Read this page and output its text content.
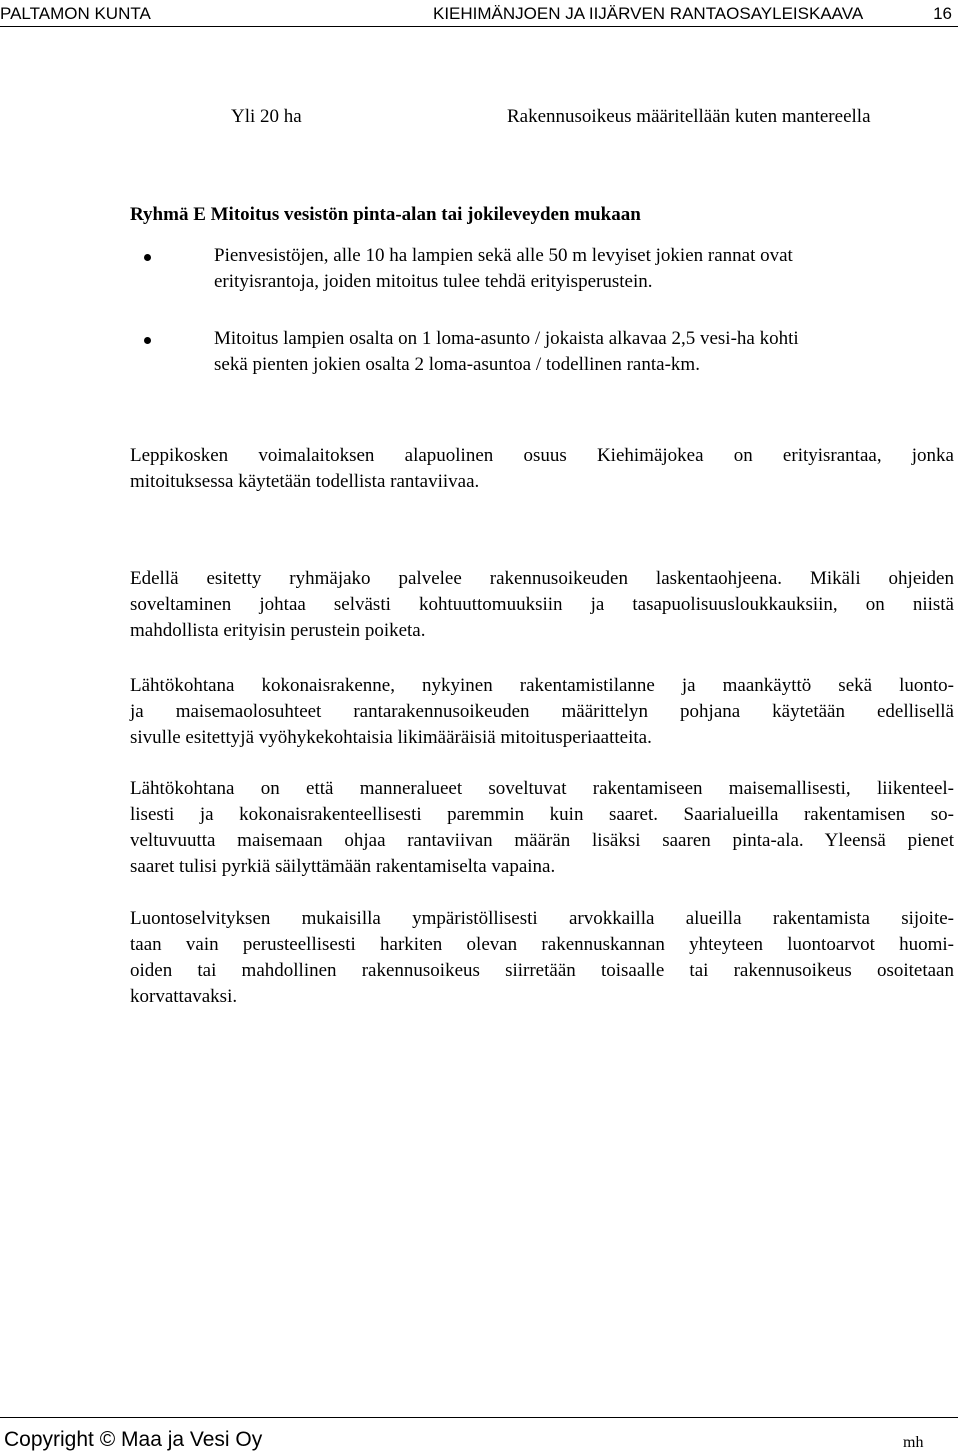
PALTAMON KUNTA	KIEHIMÄNJOEN JA IIJÄRVEN RANTAOSAYLEISKAAVA	16
Yli 20 ha	Rakennusoikeus määritellään kuten mantereella
Ryhmä E Mitoitus vesistön pinta-alan tai jokileveyden mukaan
Pienvesistöjen, alle 10 ha lampien sekä alle 50 m levyiset jokien rannat ovat
erityisrantoja, joiden mitoitus tulee tehdä erityisperustein.
Mitoitus lampien osalta on 1 loma-asunto / jokaista alkavaa 2,5 vesi-ha kohti
sekä pienten jokien osalta 2 loma-asuntoa / todellinen ranta-km.
Leppikosken voimalaitoksen alapuolinen osuus Kiehimäjokea on erityisrantaa, jonka
mitoituksessa käytetään todellista rantaviivaa.
Edellä esitetty ryhmäjako palvelee rakennusoikeuden laskentaohjeena. Mikäli ohjeiden
soveltaminen johtaa selvästi kohtuuttomuuksiin ja tasapuolisuusloukkauksiin, on niistä
mahdollista erityisin perustein poiketa.
Lähtökohtana kokonaisrakenne, nykyinen rakentamistilanne ja maankäyttö sekä luonto-
ja maisemaolosuhteet rantarakennusoikeuden määrittelyn pohjana käytetään edellisellä
sivulle esitettyjä vyöhykekohtaisia likimääräisiä mitoitusperiaatteita.
Lähtökohtana on että manneralueet soveltuvat rakentamiseen maisemallisesti, liikenteel-
lisesti ja kokonaisrakenteellisesti paremmin kuin saaret. Saarialueilla rakentamisen so-
veltuvuutta maisemaan ohjaa rantaviivan määrän lisäksi saaren pinta-ala. Yleensä pienet
saaret tulisi pyrkiä säilyttämään rakentamiselta vapaina.
Luontoselvityksen mukaisilla ympäristöllisesti arvokkailla alueilla rakentamista sijoite-
taan vain perusteellisesti harkiten olevan rakennuskannan yhteyteen luontoarvot huomi-
oiden tai mahdollinen rakennusoikeus siirretään toisaalle tai rakennusoikeus osoitetaan
korvattavaksi.
Copyright © Maa ja Vesi Oy	mh
